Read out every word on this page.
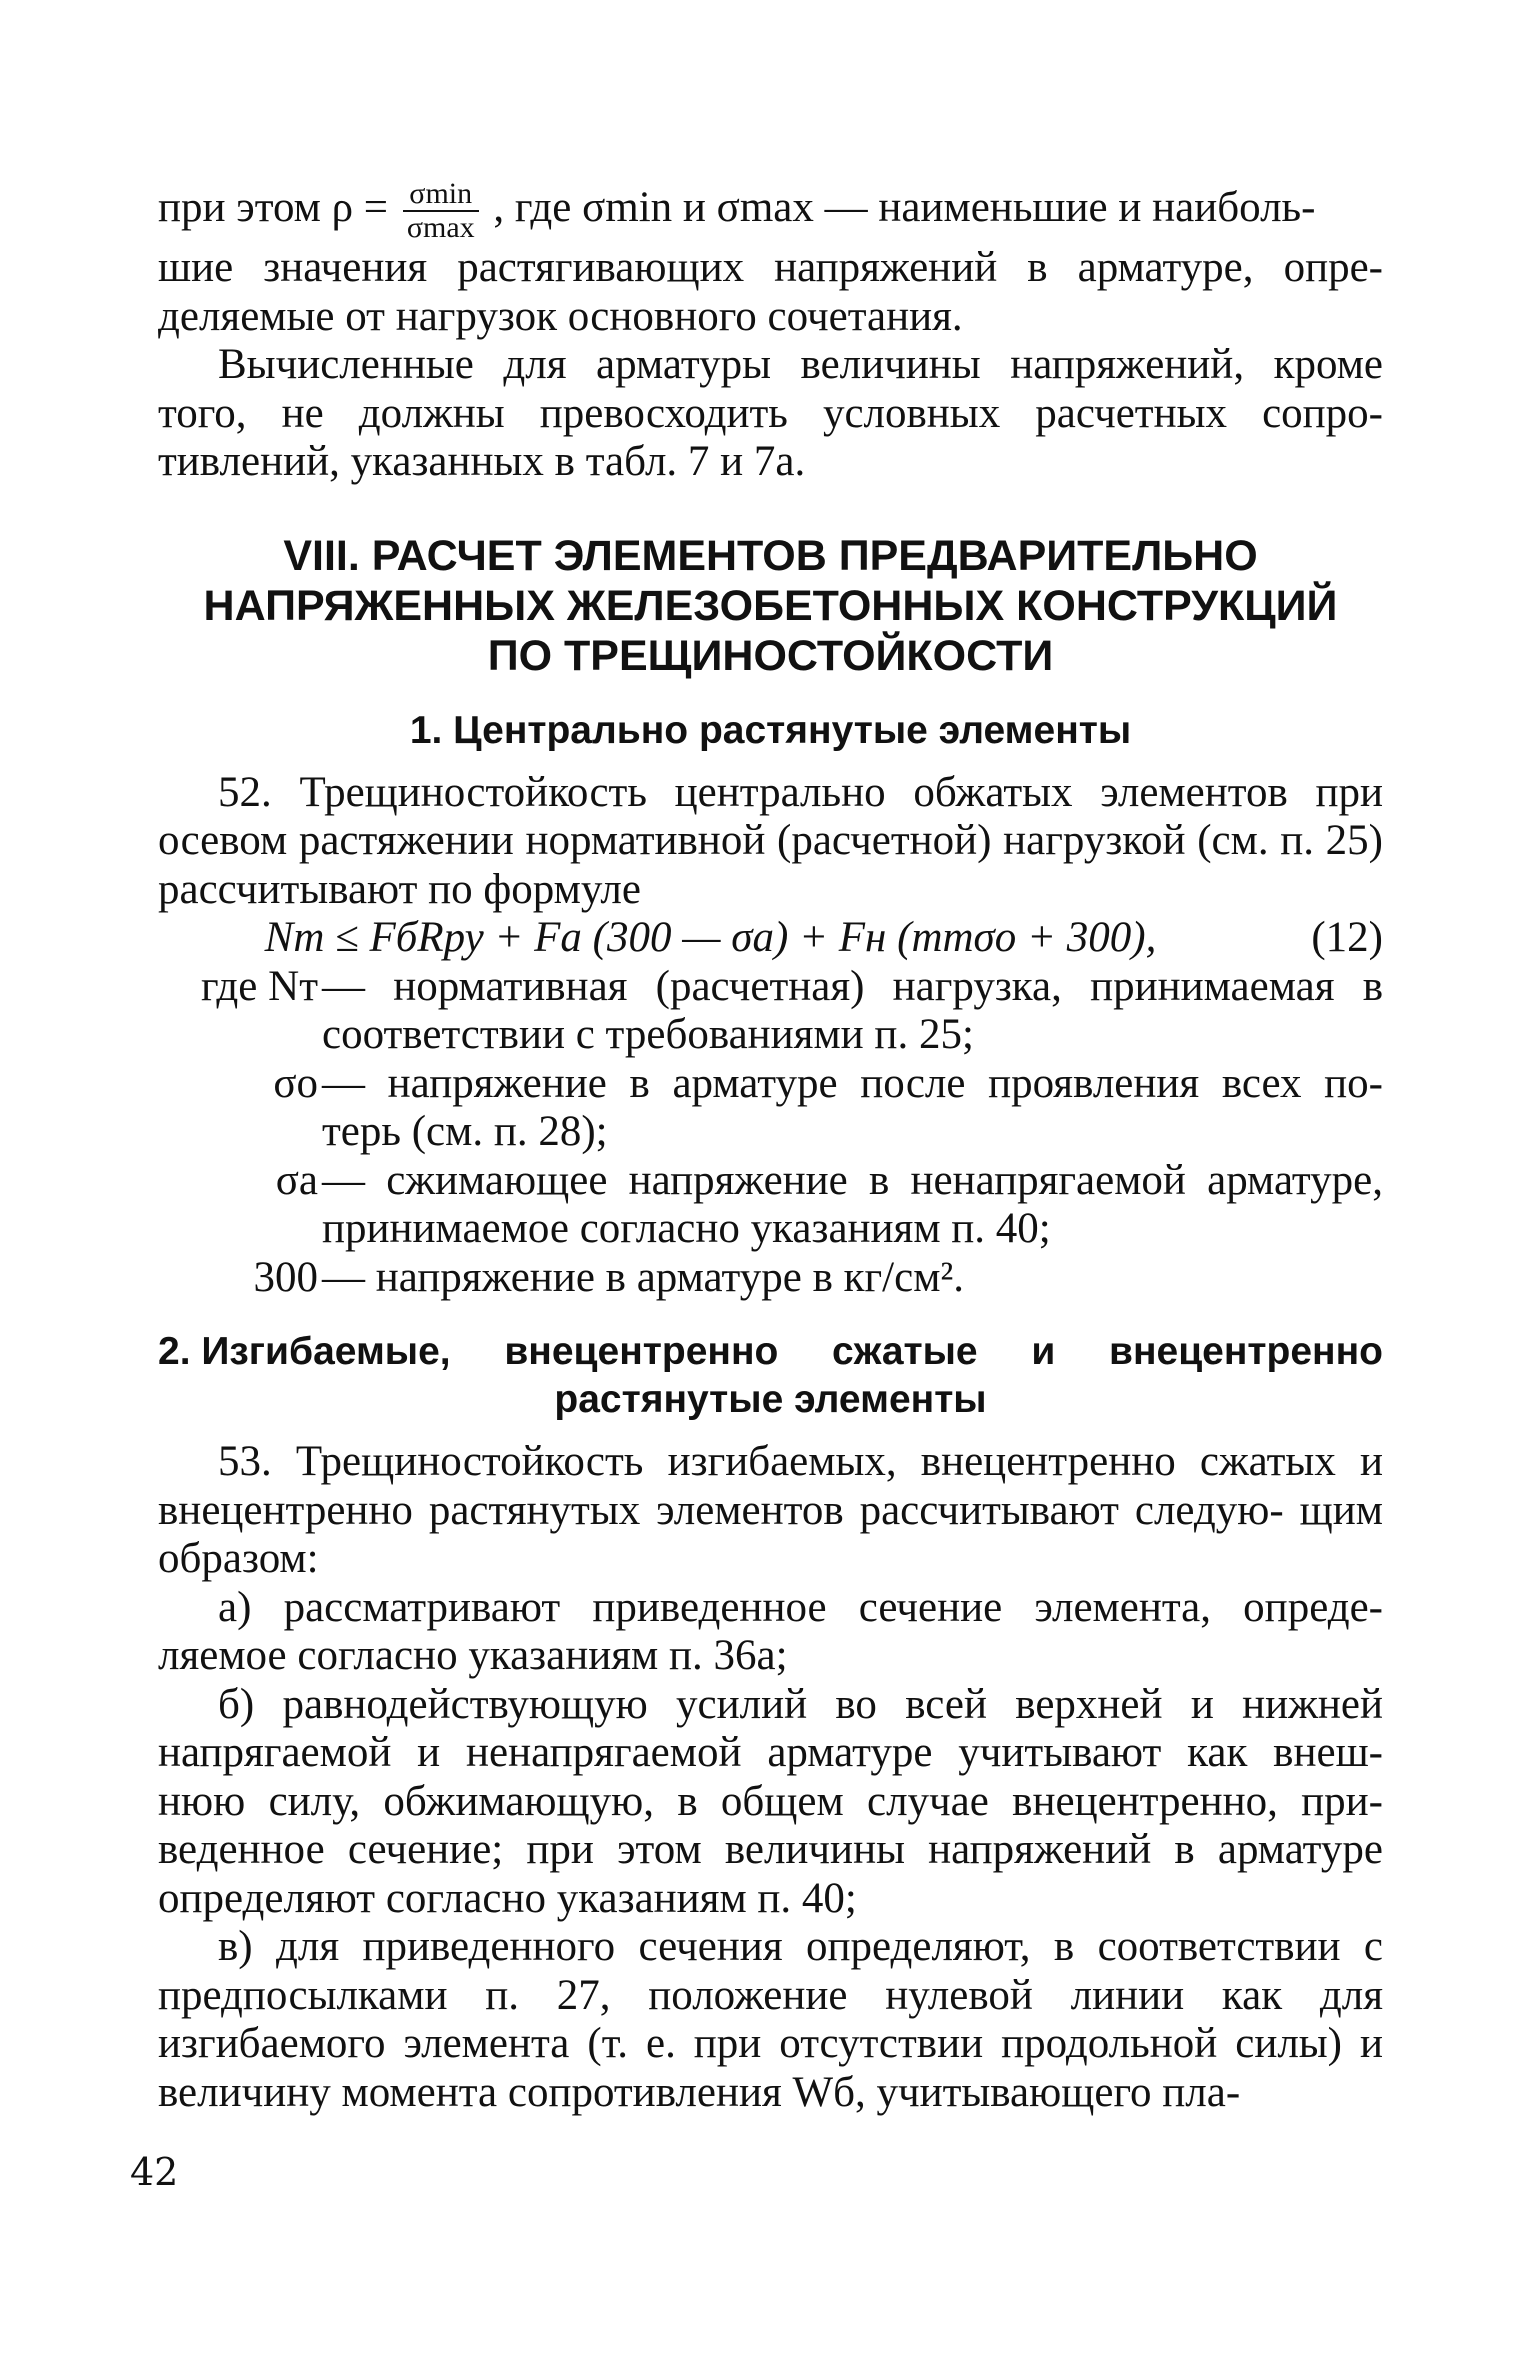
при этом $\rho = \frac{\sigma\min}{\sigma\max}$ , где σmin и σmax — наименьшие и наиболь-

шие значения растягивающих напряжений в арматуре, опре- деляемые от нагрузок основного сочетания.

Вычисленные для арматуры величины напряжений, кроме того, не должны превосходить условных расчетных сопро- тивлений, указанных в табл. 7 и 7а.

VIII. РАСЧЕТ ЭЛЕМЕНТОВ ПРЕДВАРИТЕЛЬНО

НАПРЯЖЕННЫХ ЖЕЛЕЗОБЕТОННЫХ КОНСТРУКЦИЙ

ПО ТРЕЩИНОСТОЙКОСТИ

1. Центрально растянутые элементы

52. Трещиностойкость центрально обжатых элементов при осевом растяжении нормативной (расчетной) нагрузкой (см. п. 25) рассчитывают по формуле

Nт ≤ FбRру + Fа (300 — σа) + Fн (mтσо + 300),	(12)
где Nт — нормативная (расчетная) нагрузка, принимаемая в соответствии с требованиями п. 25;
σо — напряжение в арматуре после проявления всех по- терь (см. п. 28);
σа — сжимающее напряжение в ненапрягаемой арматуре, принимаемое согласно указаниям п. 40;
300 — напряжение в арматуре в кг/см².
2. Изгибаемые, внецентренно сжатые и внецентренно

растянутые элементы

53. Трещиностойкость изгибаемых, внецентренно сжатых и внецентренно растянутых элементов рассчитывают следую- щим образом:

а) рассматривают приведенное сечение элемента, опреде- ляемое согласно указаниям п. 36а;

б) равнодействующую усилий во всей верхней и нижней напрягаемой и ненапрягаемой арматуре учитывают как внеш- нюю силу, обжимающую, в общем случае внецентренно, при- веденное сечение; при этом величины напряжений в арматуре определяют согласно указаниям п. 40;

в) для приведенного сечения определяют, в соответствии с предпосылками п. 27, положение нулевой линии как для изгибаемого элемента (т. е. при отсутствии продольной силы) и величину момента сопротивления Wб, учитывающего пла-

42
